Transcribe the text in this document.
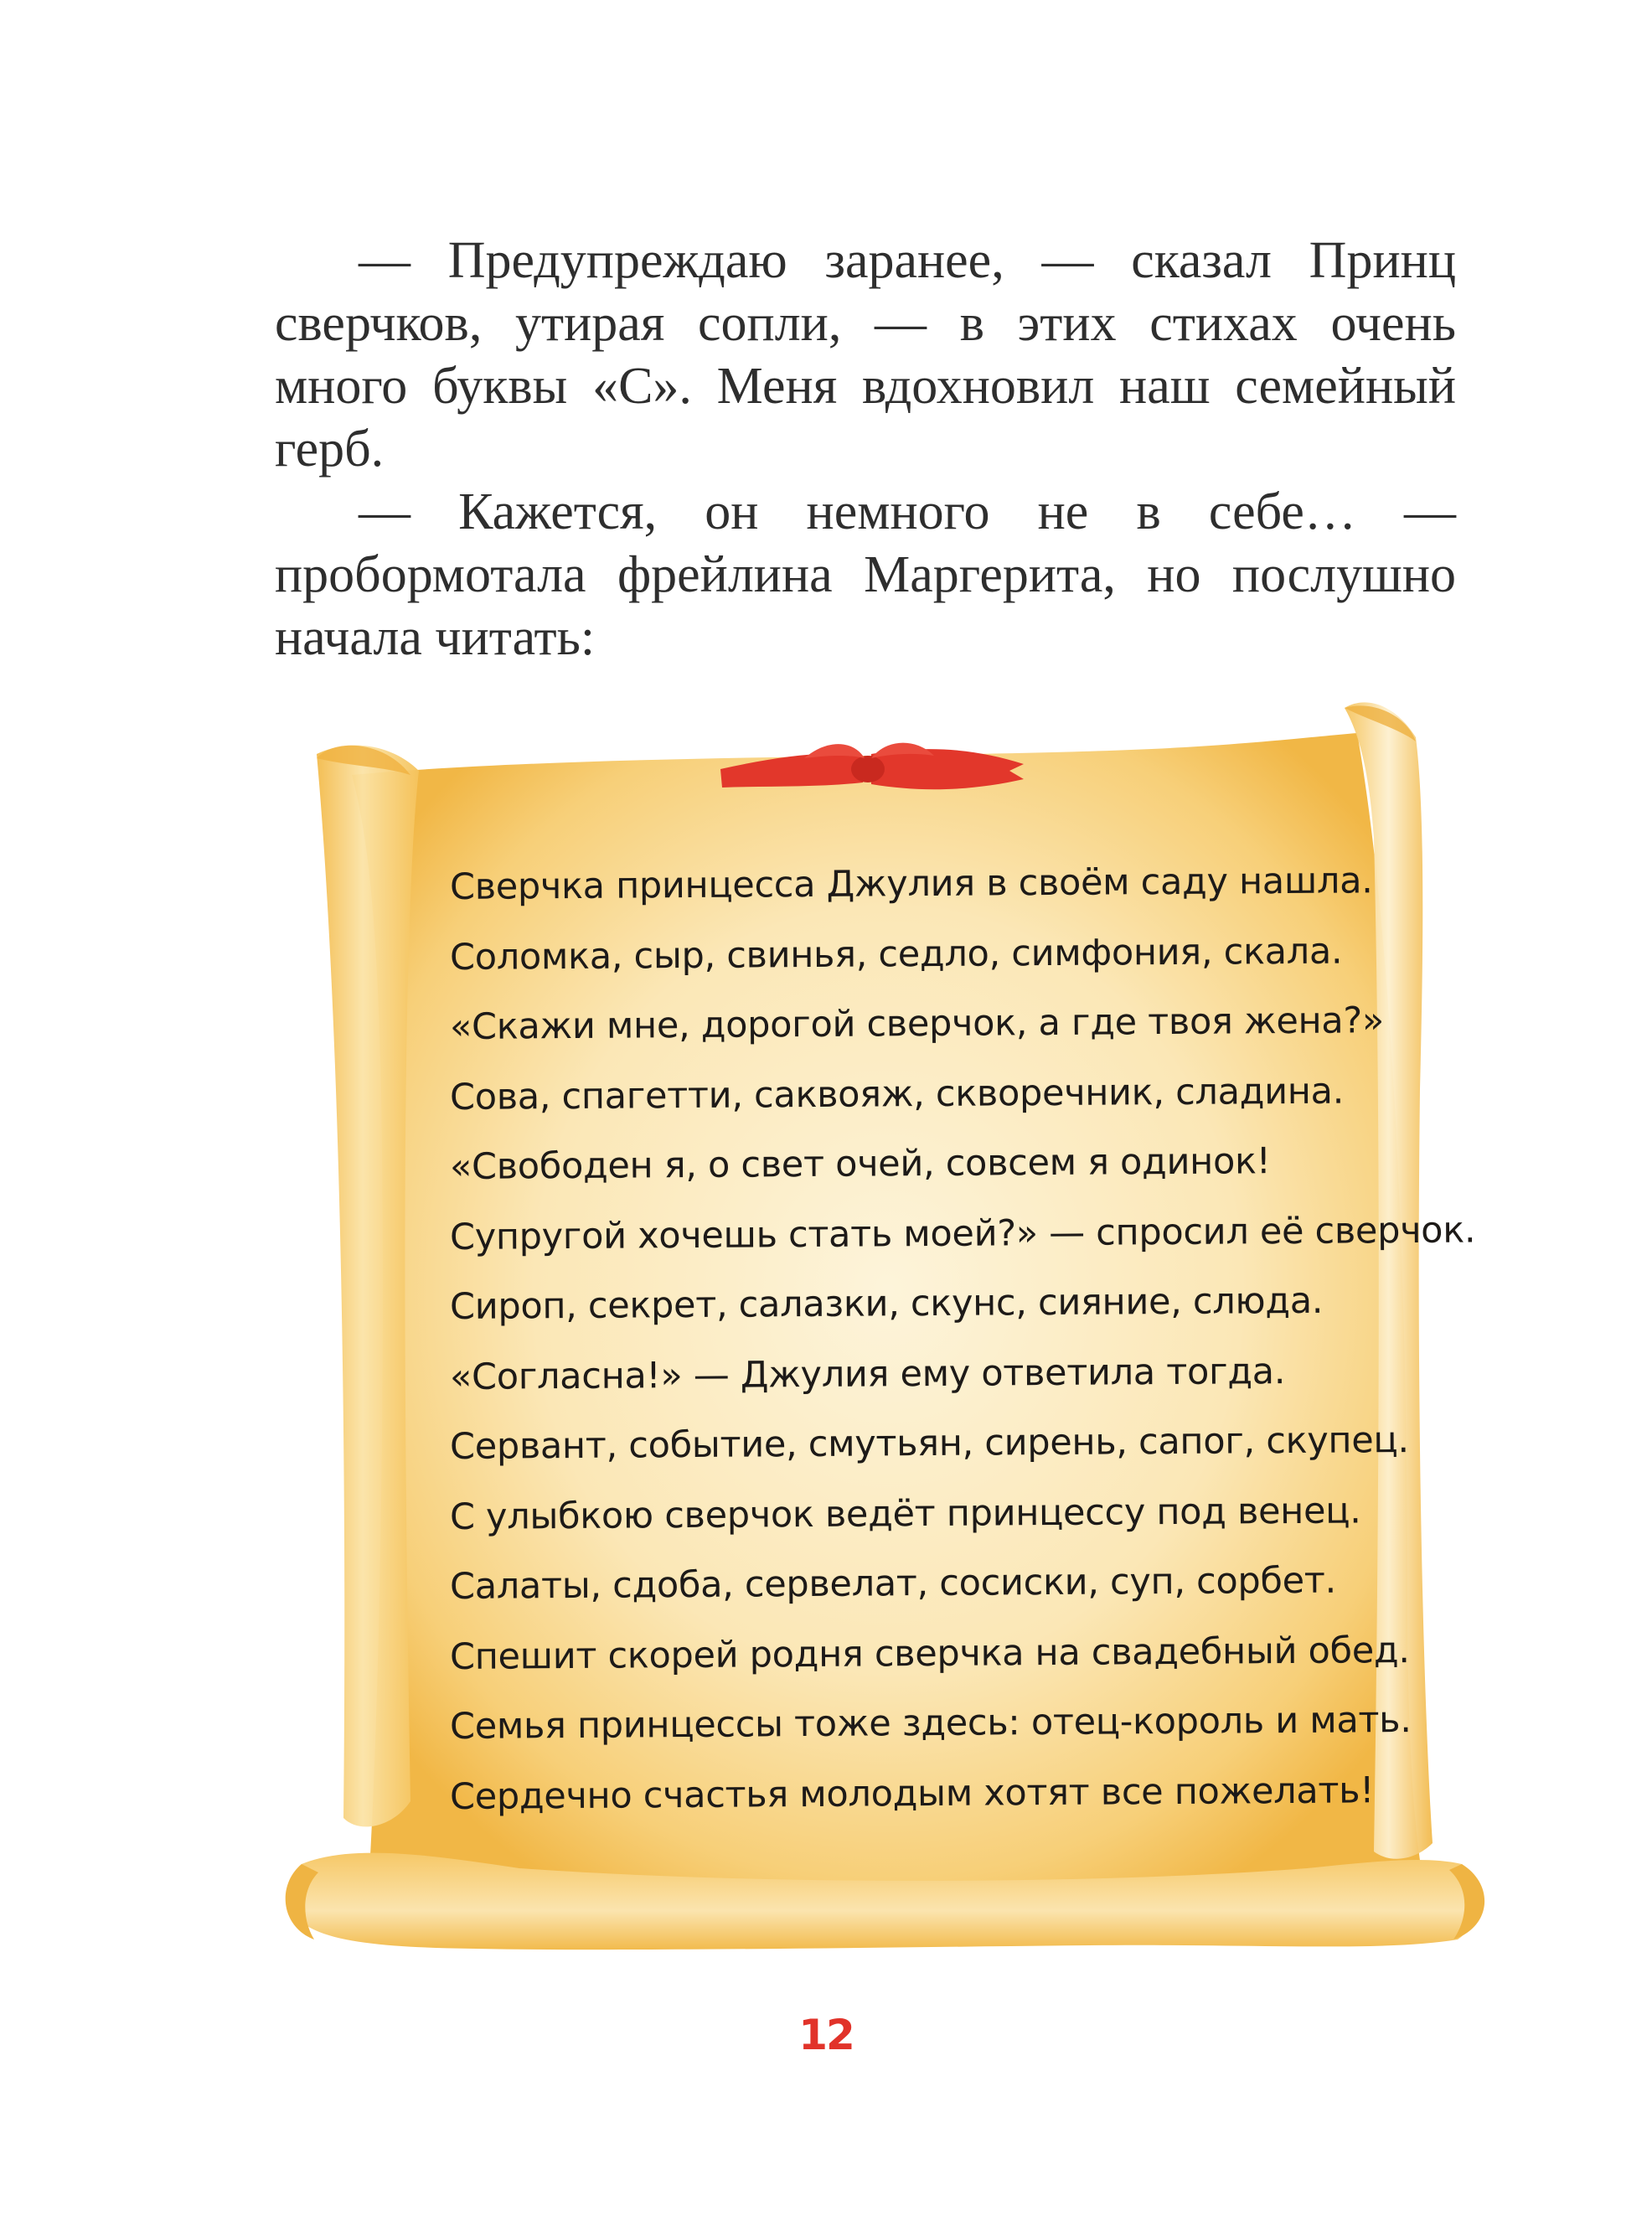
— Предупреждаю заранее, — сказал Принц сверчков, утирая сопли, — в этих стихах очень много буквы «С». Меня вдохновил наш семейный герб.

— Кажется, он немного не в себе… — пробормотала фрейлина Маргерита, но послушно начала читать:

Сверчка принцесса Джулия в своём саду нашла.
Соломка, сыр, свинья, седло, симфония, скала.
«Скажи мне, дорогой сверчок, а где твоя жена?»
Сова, спагетти, саквояж, скворечник, сладина.
«Свободен я, о свет очей, совсем я одинок!
Супругой хочешь стать моей?» — спросил её сверчок.
Сироп, секрет, салазки, скунс, сияние, слюда.
«Согласна!» — Джулия ему ответила тогда.
Сервант, событие, смутьян, сирень, сапог, скупец.
С улыбкою сверчок ведёт принцессу под венец.
Салаты, сдоба, сервелат, сосиски, суп, сорбет.
Спешит скорей родня сверчка на свадебный обед.
Семья принцессы тоже здесь: отец-король и мать.
Сердечно счастья молодым хотят все пожелать!
12
